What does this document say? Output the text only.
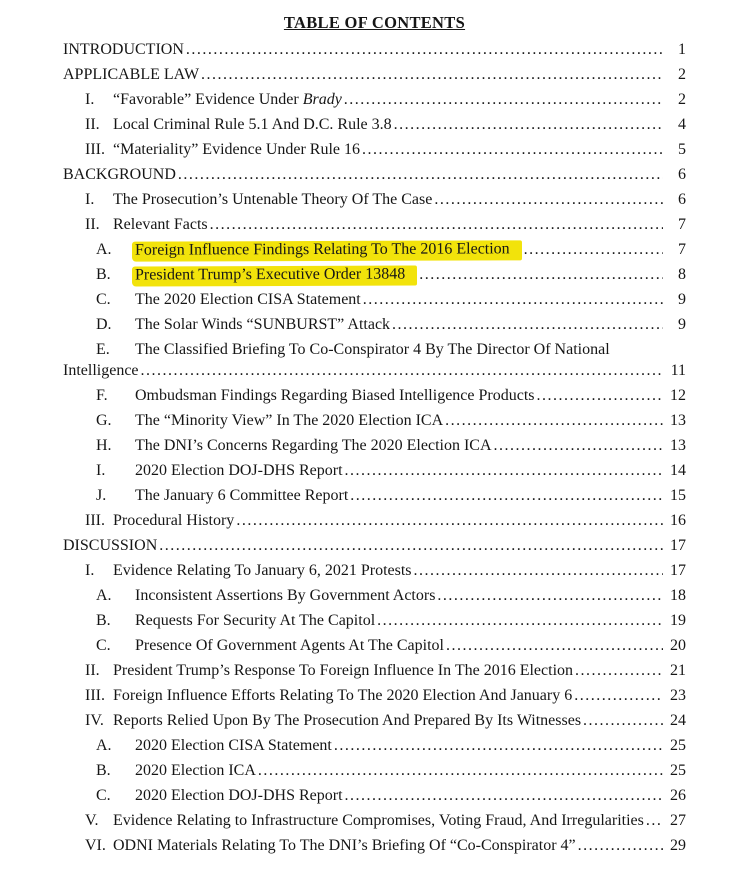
TABLE OF CONTENTS
INTRODUCTION .....	1
APPLICABLE LAW .....	2
I.	“Favorable” Evidence Under Brady .....	2
II. Local Criminal Rule 5.1 And D.C. Rule 3.8 .....	4
III. “Materiality” Evidence Under Rule 16 .....	5
BACKGROUND .....	6
I.	The Prosecution’s Untenable Theory Of The Case .....	6
II. Relevant Facts .....	7
A.	Foreign Influence Findings Relating To The 2016 Election .....	7
B.	President Trump’s Executive Order 13848 .....	8
C.	The 2020 Election CISA Statement .....	9
D.	The Solar Winds “SUNBURST” Attack .....	9
E.	The Classified Briefing To Co-Conspirator 4 By The Director Of National
Intelligence .....	11
F.	Ombudsman Findings Regarding Biased Intelligence Products .....	12
G.	The “Minority View” In The 2020 Election ICA .....	13
H.	The DNI’s Concerns Regarding The 2020 Election ICA .....	13
I.	2020 Election DOJ-DHS Report .....	14
J.	The January 6 Committee Report .....	15
III. Procedural History .....	16
DISCUSSION .....	17
I.	Evidence Relating To January 6, 2021 Protests .....	17
A.	Inconsistent Assertions By Government Actors .....	18
B.	Requests For Security At The Capitol .....	19
C.	Presence Of Government Agents At The Capitol .....	20
II. President Trump’s Response To Foreign Influence In The 2016 Election .....	21
III. Foreign Influence Efforts Relating To The 2020 Election And January 6 .....	23
IV. Reports Relied Upon By The Prosecution And Prepared By Its Witnesses .....	24
A.	2020 Election CISA Statement .....	25
B.	2020 Election ICA .....	25
C.	2020 Election DOJ-DHS Report .....	26
V. Evidence Relating to Infrastructure Compromises, Voting Fraud, And Irregularities .....	27
VI. ODNI Materials Relating To The DNI’s Briefing Of “Co-Conspirator 4” .....	29
